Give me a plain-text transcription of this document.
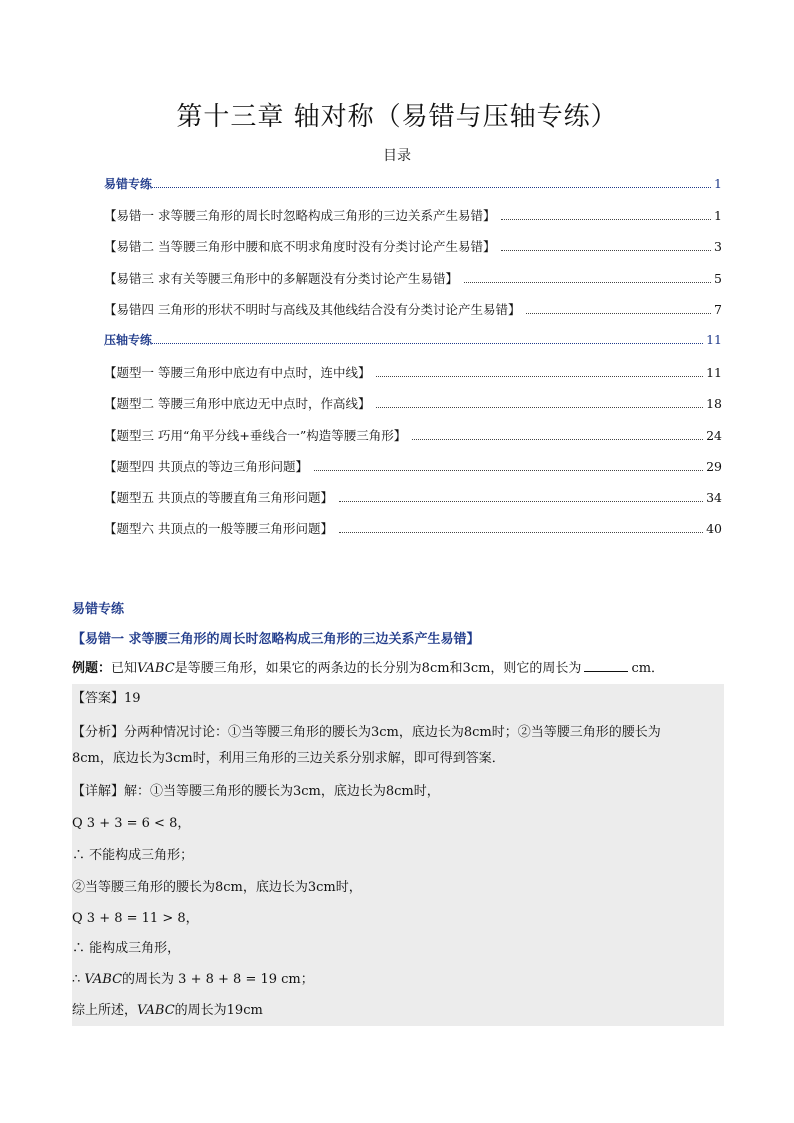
第十三章 轴对称（易错与压轴专练）
目录
易错专练	1
【易错一 求等腰三角形的周长时忽略构成三角形的三边关系产生易错】	1
【易错二 当等腰三角形中腰和底不明求角度时没有分类讨论产生易错】	3
【易错三 求有关等腰三角形中的多解题没有分类讨论产生易错】	5
【易错四 三角形的形状不明时与高线及其他线结合没有分类讨论产生易错】	7
压轴专练	11
【题型一 等腰三角形中底边有中点时，连中线】	11
【题型二 等腰三角形中底边无中点时，作高线】	18
【题型三 巧用“角平分线+垂线合一”构造等腰三角形】	24
【题型四 共顶点的等边三角形问题】	29
【题型五 共顶点的等腰直角三角形问题】	34
【题型六 共顶点的一般等腰三角形问题】	40
易错专练
【易错一 求等腰三角形的周长时忽略构成三角形的三边关系产生易错】
例题：已知VABC是等腰三角形，如果它的两条边的长分别为8cm和3cm，则它的周长为	cm．
【答案】19
【分析】分两种情况讨论：①当等腰三角形的腰长为3cm，底边长为8cm时；②当等腰三角形的腰长为
8cm，底边长为3cm时，利用三角形的三边关系分别求解，即可得到答案．
【详解】解：①当等腰三角形的腰长为3cm，底边长为8cm时，
Q 3 + 3 = 6 < 8，
∴ 不能构成三角形；
②当等腰三角形的腰长为8cm，底边长为3cm时，
Q 3 + 8 = 11 > 8，
∴ 能构成三角形，
∴ VABC的周长为 3 + 8 + 8 = 19 cm；
综上所述，VABC的周长为19cm
